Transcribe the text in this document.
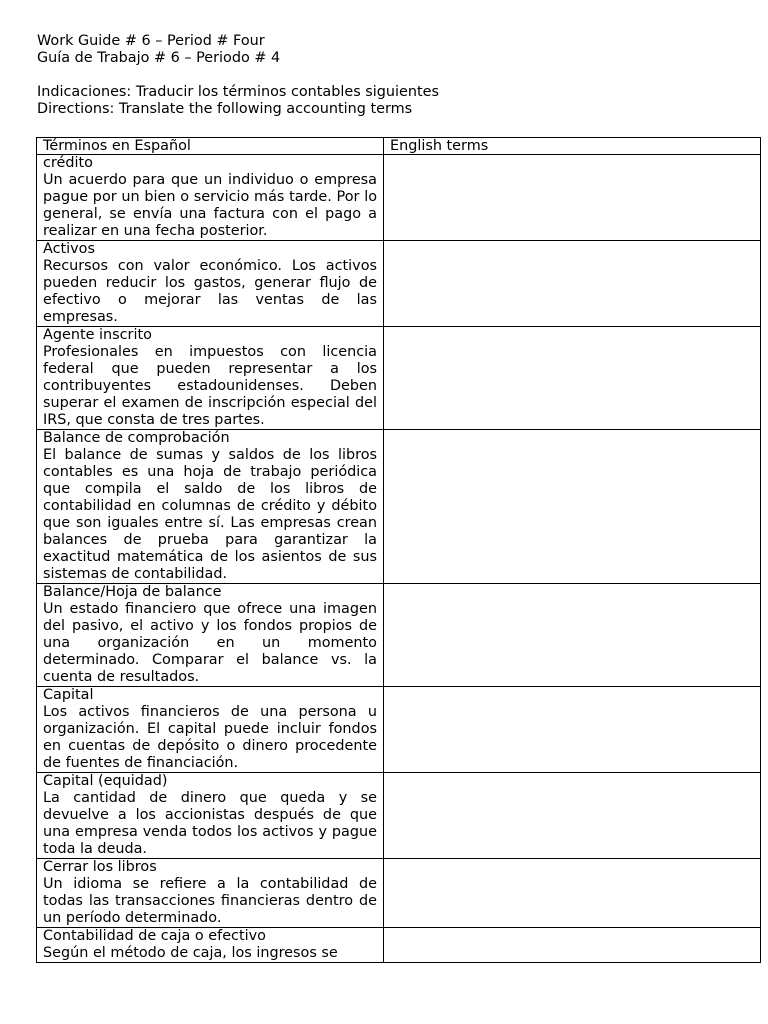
Work Guide # 6 – Period # Four
Guía de Trabajo # 6 – Periodo # 4
Indicaciones: Traducir los términos contables siguientes
Directions: Translate the following accounting terms
Términos en Español	English terms

crédito
Un acuerdo para que un individuo o empresa pague por un bien o servicio más tarde. Por lo general, se envía una factura con el pago a realizar en una fecha posterior.	

Activos
Recursos con valor económico. Los activos pueden reducir los gastos, generar flujo de efectivo o mejorar las ventas de las empresas.	

Agente inscrito
Profesionales en impuestos con licencia federal que pueden representar a los contribuyentes estadounidenses. Deben superar el examen de inscripción especial del IRS, que consta de tres partes.	

Balance de comprobación
El balance de sumas y saldos de los libros contables es una hoja de trabajo periódica que compila el saldo de los libros de contabilidad en columnas de crédito y débito que son iguales entre sí. Las empresas crean balances de prueba para garantizar la exactitud matemática de los asientos de sus sistemas de contabilidad.	

Balance/Hoja de balance
Un estado financiero que ofrece una imagen del pasivo, el activo y los fondos propios de una organización en un momento determinado. Comparar el balance vs. la cuenta de resultados.	

Capital
Los activos financieros de una persona u organización. El capital puede incluir fondos en cuentas de depósito o dinero procedente de fuentes de financiación.	

Capital (equidad)
La cantidad de dinero que queda y se devuelve a los accionistas después de que una empresa venda todos los activos y pague toda la deuda.	

Cerrar los libros
Un idioma se refiere a la contabilidad de todas las transacciones financieras dentro de un período determinado.	

Contabilidad de caja o efectivo
Según el método de caja, los ingresos se	
